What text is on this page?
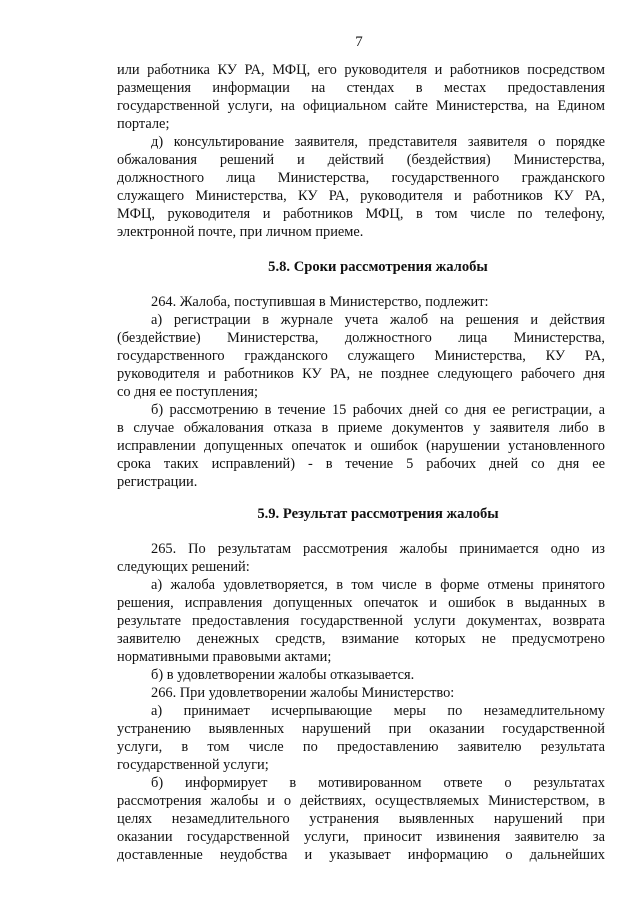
7
или работника КУ РА, МФЦ, его руководителя и работников посредством
размещения информации на стендах в местах предоставления
государственной услуги, на официальном сайте Министерства, на Едином
портале;
д) консультирование заявителя, представителя заявителя о порядке
обжалования решений и действий (бездействия) Министерства,
должностного лица Министерства, государственного гражданского
служащего Министерства, КУ РА, руководителя и работников КУ РА,
МФЦ, руководителя и работников МФЦ, в том числе по телефону,
электронной почте, при личном приеме.
5.8. Сроки рассмотрения жалобы
264. Жалоба, поступившая в Министерство, подлежит:
а) регистрации в журнале учета жалоб на решения и действия
(бездействие) Министерства, должностного лица Министерства,
государственного гражданского служащего Министерства, КУ РА,
руководителя и работников КУ РА, не позднее следующего рабочего дня
со дня ее поступления;
б) рассмотрению в течение 15 рабочих дней со дня ее регистрации, а
в случае обжалования отказа в приеме документов у заявителя либо в
исправлении допущенных опечаток и ошибок (нарушении установленного
срока таких исправлений) - в течение 5 рабочих дней со дня ее
регистрации.
5.9. Результат рассмотрения жалобы
265. По результатам рассмотрения жалобы принимается одно из
следующих решений:
а) жалоба удовлетворяется, в том числе в форме отмены принятого
решения, исправления допущенных опечаток и ошибок в выданных в
результате предоставления государственной услуги документах, возврата
заявителю денежных средств, взимание которых не предусмотрено
нормативными правовыми актами;
б) в удовлетворении жалобы отказывается.
266. При удовлетворении жалобы Министерство:
а) принимает исчерпывающие меры по незамедлительному
устранению выявленных нарушений при оказании государственной
услуги, в том числе по предоставлению заявителю результата
государственной услуги;
б) информирует в мотивированном ответе о результатах
рассмотрения жалобы и о действиях, осуществляемых Министерством, в
целях незамедлительного устранения выявленных нарушений при
оказании государственной услуги, приносит извинения заявителю за
доставленные неудобства и указывает информацию о дальнейших
